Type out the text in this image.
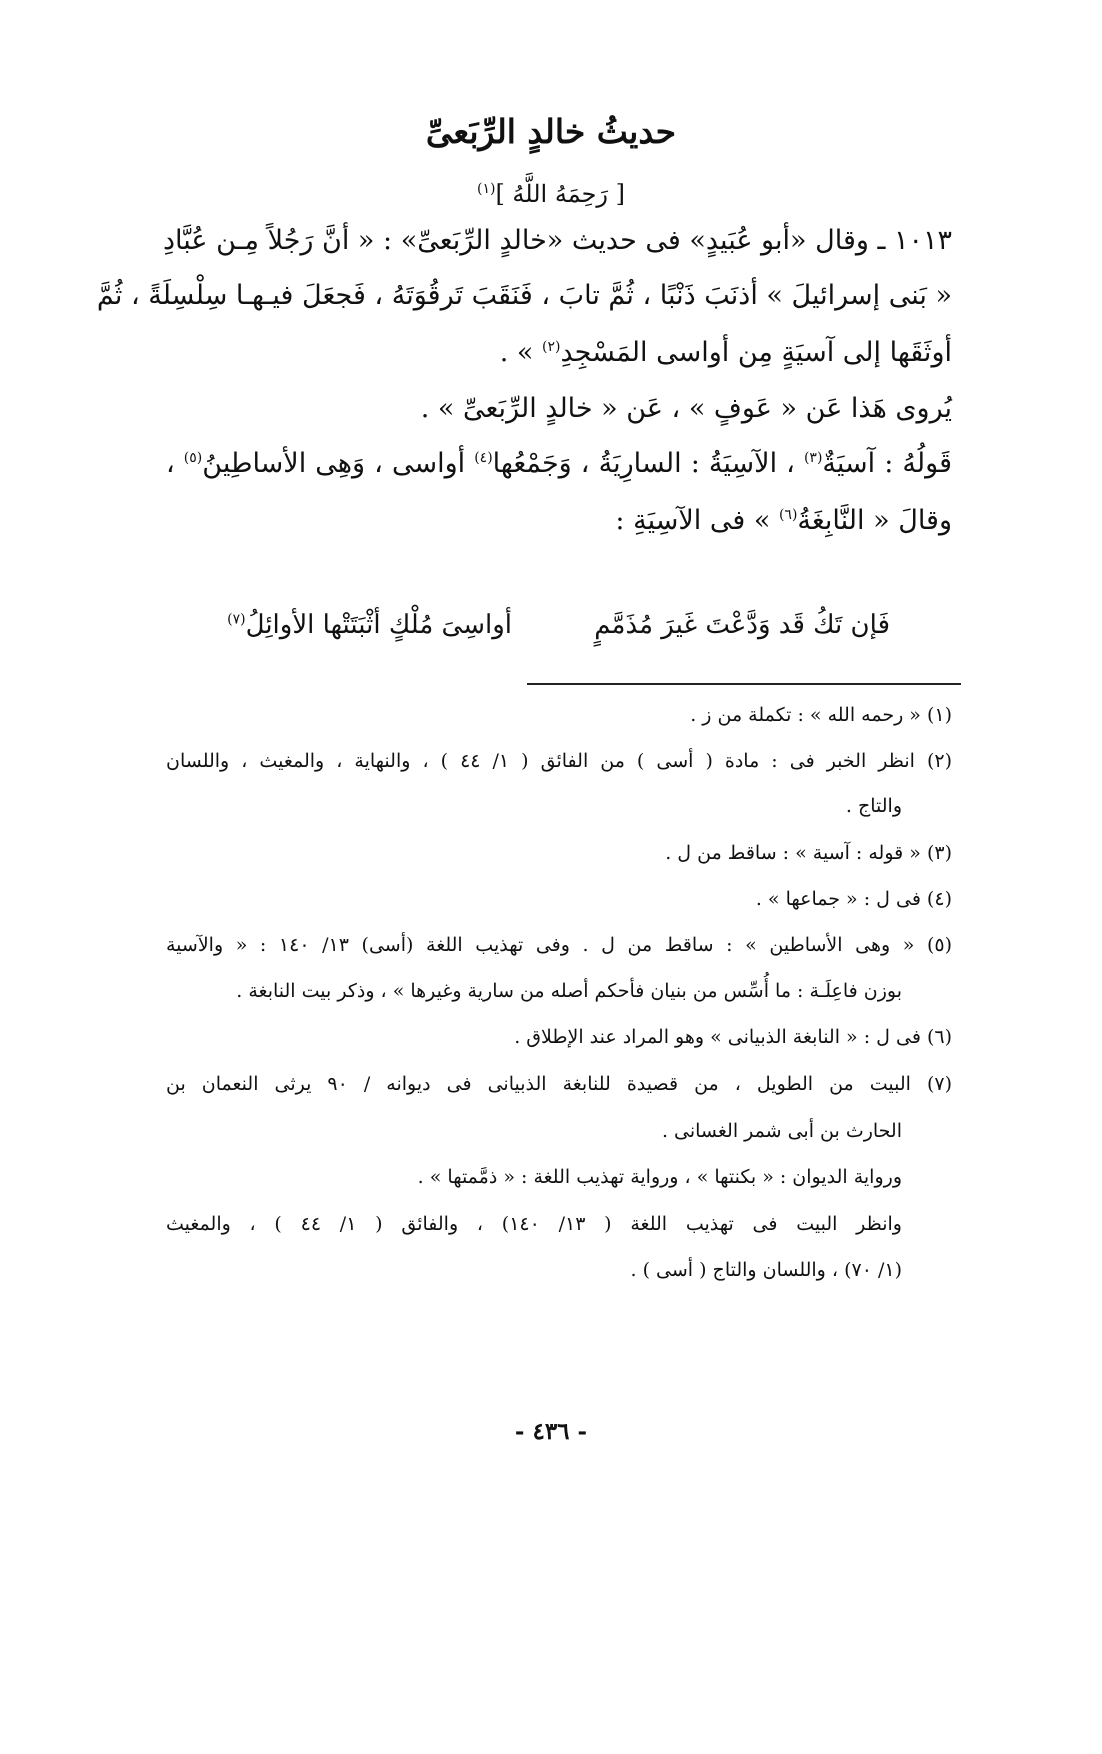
حديثُ خالدٍ الرِّبَعىِّ
[ رَحِمَهُ اللَّهُ ]$^{(١)}$
١٠١٣ ـ وقال «أبو عُبَيدٍ» فى حديث «خالدٍ الرِّبَعىِّ» : « أنَّ رَجُلاً مِـن عُبَّادِ
« بَنى إسرائيلَ » أذنَبَ ذَنْبًا ، ثُمَّ تابَ ، فَنَقَبَ تَرقُوَتَهُ ، فَجعَلَ فيـهـا سِلْسِلَةً ، ثُمَّ
أوثَقَها إلى آسيَةٍ مِن أواسى المَسْجِدِ$^{(٢)}$ » .
يُروى هَذا عَن « عَوفٍ » ، عَن « خالدٍ الرِّبَعىِّ » .
قَولُهُ : آسيَةٌ$^{(٣)}$ ، الآسِيَةُ : السارِيَةُ ، وَجَمْعُها$^{(٤)}$ أواسى ، وَهِى الأساطِينُ$^{(٥)}$ ،
وقالَ « النَّابِغَةُ$^{(٦)}$ » فى الآسِيَةِ :
فَإن تَكُ قَد وَدَّعْتَ غَيرَ مُذَمَّمٍ
أواسِىَ مُلْكٍ أثْبَتَتْها الأوائِلُ$^{(٧)}$
(١) « رحمه الله » : تكملة من ز .
(٢) انظر الخبر فى : مادة ( أسى ) من الفائق ( ١/ ٤٤ ) ، والنهاية ، والمغيث ، واللسان
والتاج .
(٣) « قوله : آسية » : ساقط من ل .
(٤) فى ل : « جماعها » .
(٥) « وهى الأساطين » : ساقط من ل . وفى تهذيب اللغة (أسى) ١٣/ ١٤٠ : « والآسية
بوزن فاعِلَـة : ما أُسِّس من بنيان فأحكم أصله من سارية وغيرها » ، وذكر بيت النابغة .
(٦) فى ل : « النابغة الذبيانى » وهو المراد عند الإطلاق .
(٧) البيت من الطويل ، من قصيدة للنابغة الذبيانى فى ديوانه / ٩٠ يرثى النعمان بن
الحارث بن أبى شمر الغسانى .
ورواية الديوان : « بكنتها » ، ورواية تهذيب اللغة : « ذمَّمتها » .
وانظر البيت فى تهذيب اللغة ( ١٣/ ١٤٠) ، والفائق ( ١/ ٤٤ ) ، والمغيث
(١/ ٧٠) ، واللسان والتاج ( أسى ) .
- ٤٣٦ -
